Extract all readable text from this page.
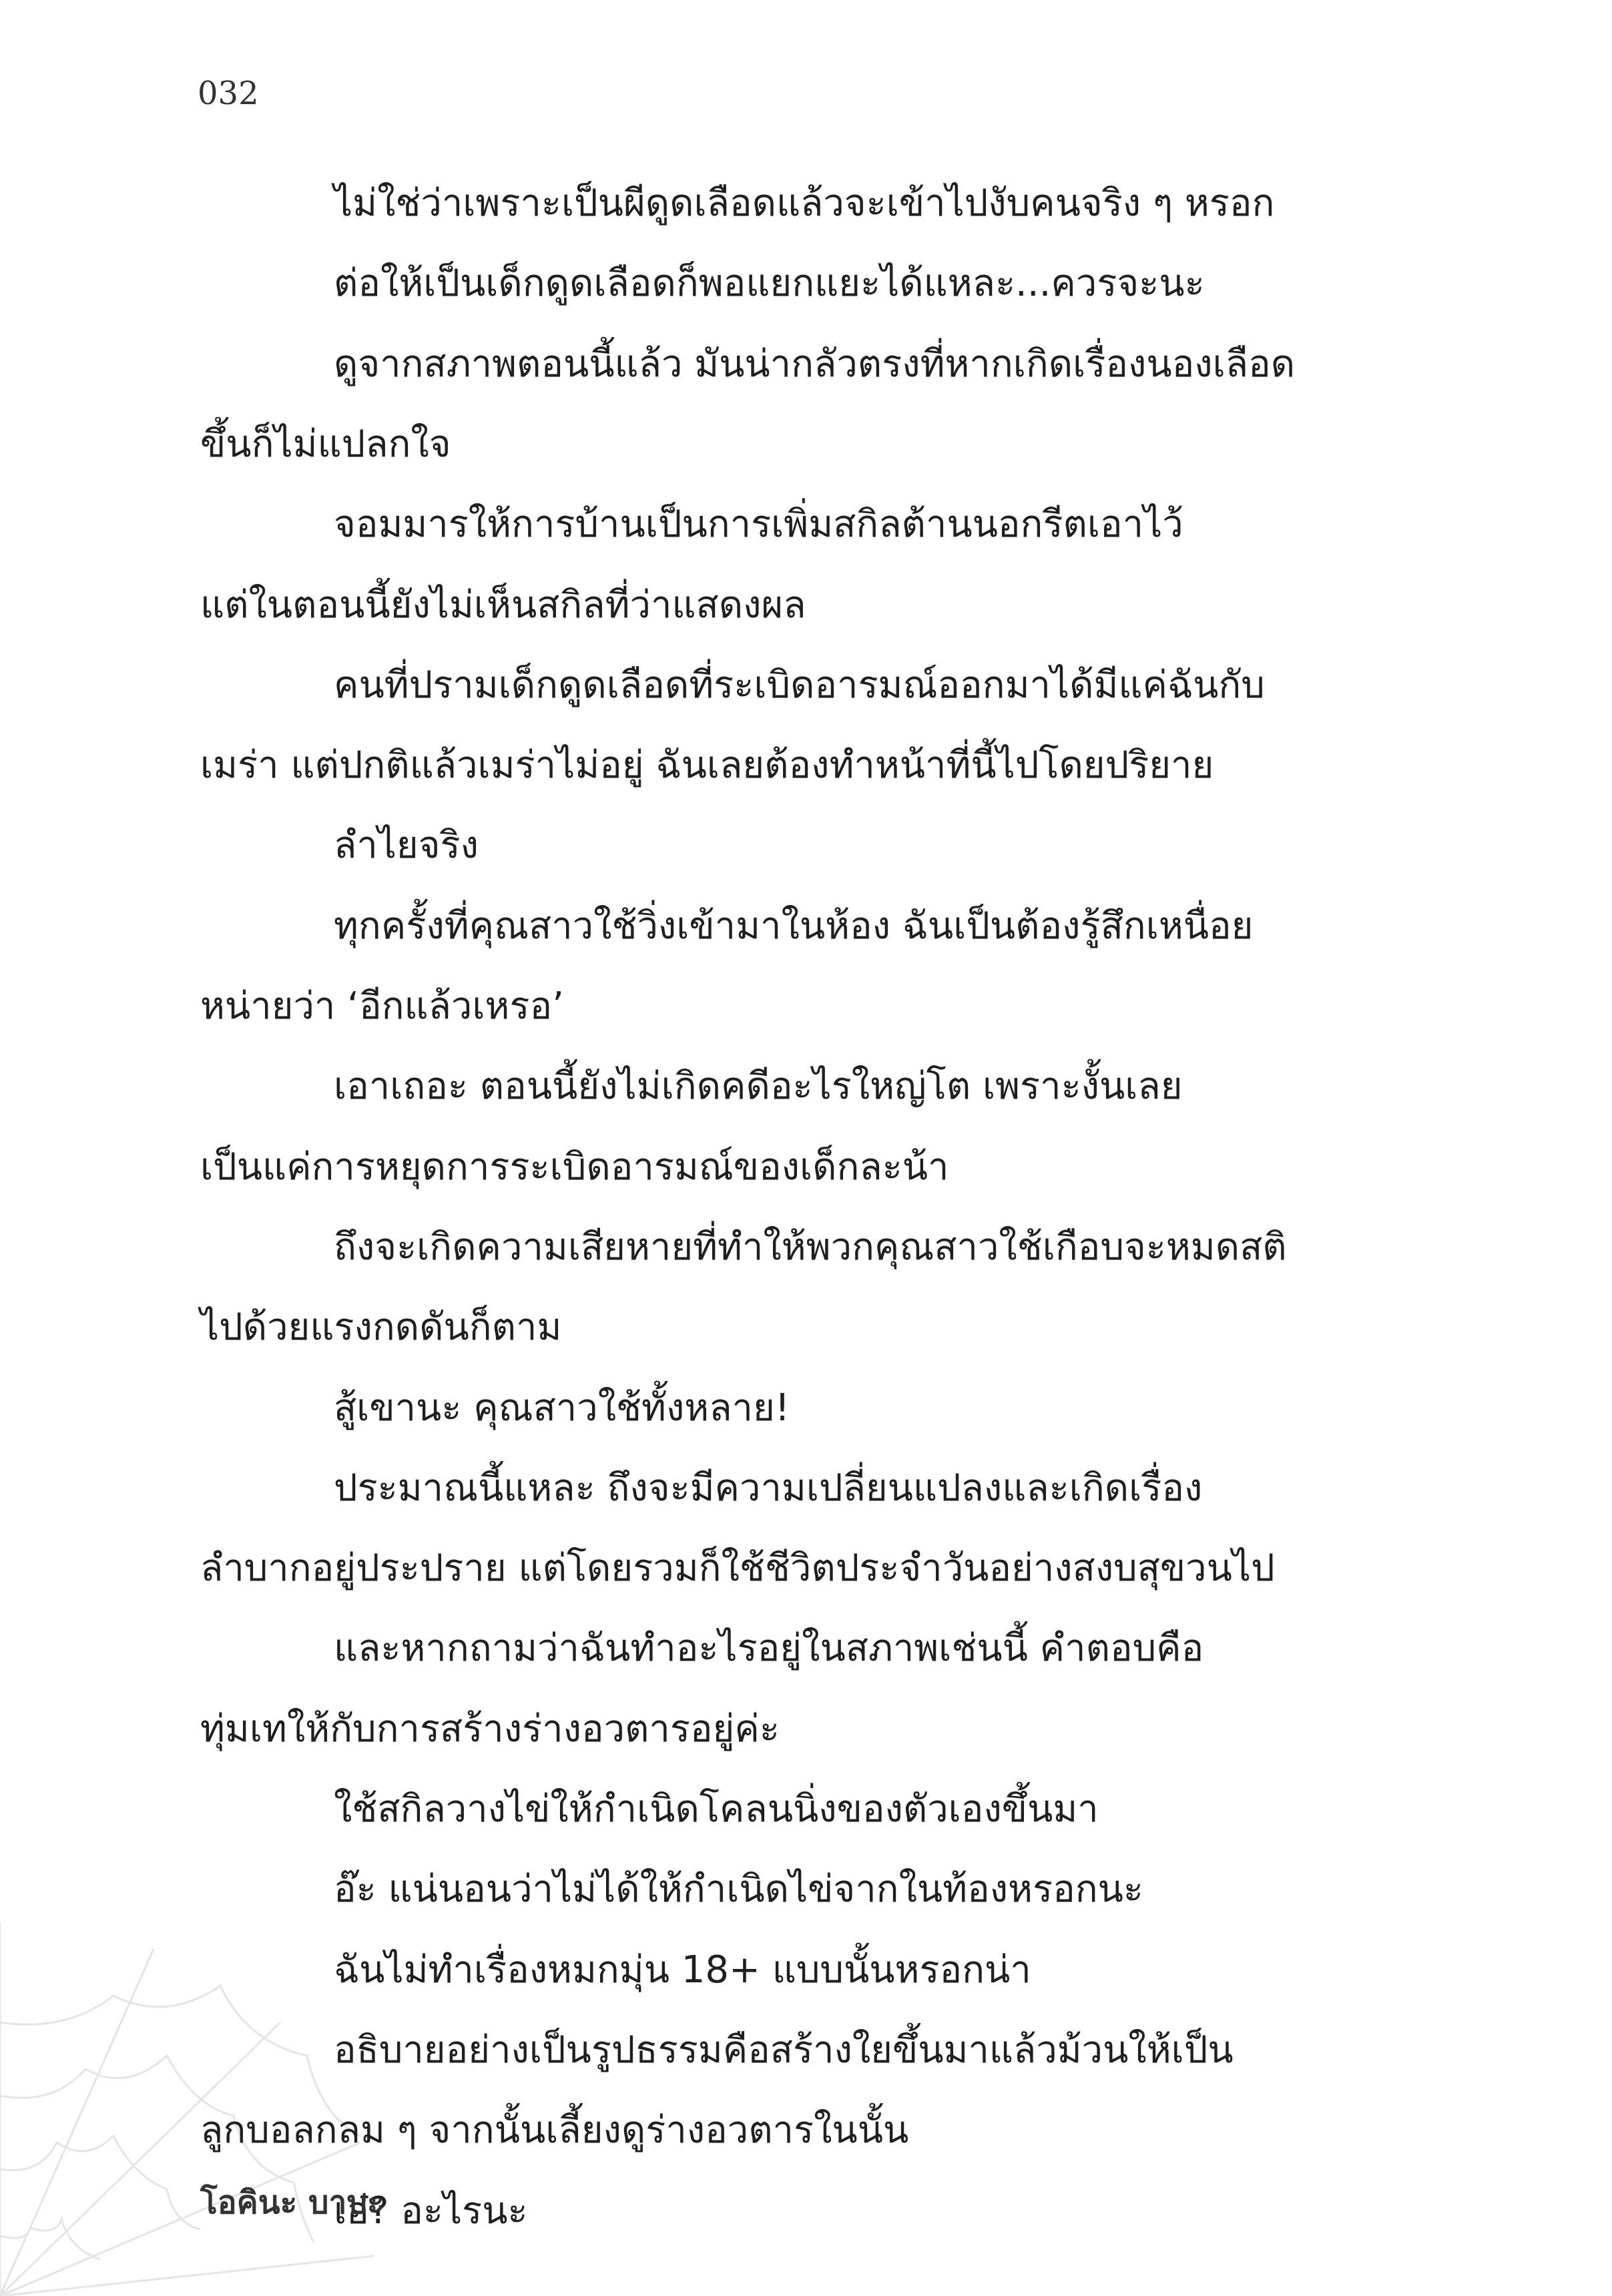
032
ไม่ใช่ว่าเพราะเป็นผีดูดเลือดแล้วจะเข้าไปงับคนจริง ๆ หรอก
ต่อให้เป็นเด็กดูดเลือดก็พอแยกแยะได้แหละ...ควรจะนะ
ดูจากสภาพตอนนี้แล้ว มันน่ากลัวตรงที่หากเกิดเรื่องนองเลือด
ขึ้นก็ไม่แปลกใจ
จอมมารให้การบ้านเป็นการเพิ่มสกิลต้านนอกรีตเอาไว้
แต่ในตอนนี้ยังไม่เห็นสกิลที่ว่าแสดงผล
คนที่ปรามเด็กดูดเลือดที่ระเบิดอารมณ์ออกมาได้มีแค่ฉันกับ
เมร่า แต่ปกติแล้วเมร่าไม่อยู่ ฉันเลยต้องทำหน้าที่นี้ไปโดยปริยาย
ลำไยจริง
ทุกครั้งที่คุณสาวใช้วิ่งเข้ามาในห้อง ฉันเป็นต้องรู้สึกเหนื่อย
หน่ายว่า ‘อีกแล้วเหรอ’
เอาเถอะ ตอนนี้ยังไม่เกิดคดีอะไรใหญ่โต เพราะงั้นเลย
เป็นแค่การหยุดการระเบิดอารมณ์ของเด็กละน้า
ถึงจะเกิดความเสียหายที่ทำให้พวกคุณสาวใช้เกือบจะหมดสติ
ไปด้วยแรงกดดันก็ตาม
สู้เขานะ คุณสาวใช้ทั้งหลาย!
ประมาณนี้แหละ ถึงจะมีความเปลี่ยนแปลงและเกิดเรื่อง
ลำบากอยู่ประปราย แต่โดยรวมก็ใช้ชีวิตประจำวันอย่างสงบสุขวนไป
และหากถามว่าฉันทำอะไรอยู่ในสภาพเช่นนี้ คำตอบคือ
ทุ่มเทให้กับการสร้างร่างอวตารอยู่ค่ะ
ใช้สกิลวางไข่ให้กำเนิดโคลนนิ่งของตัวเองขึ้นมา
อ๊ะ แน่นอนว่าไม่ได้ให้กำเนิดไข่จากในท้องหรอกนะ
ฉันไม่ทำเรื่องหมกมุ่น 18+ แบบนั้นหรอกน่า
อธิบายอย่างเป็นรูปธรรมคือสร้างใยขึ้นมาแล้วม้วนให้เป็น
ลูกบอลกลม ๆ จากนั้นเลี้ยงดูร่างอวตารในนั้น
เอ๋? อะไรนะ
โอคินะ บาบะ
